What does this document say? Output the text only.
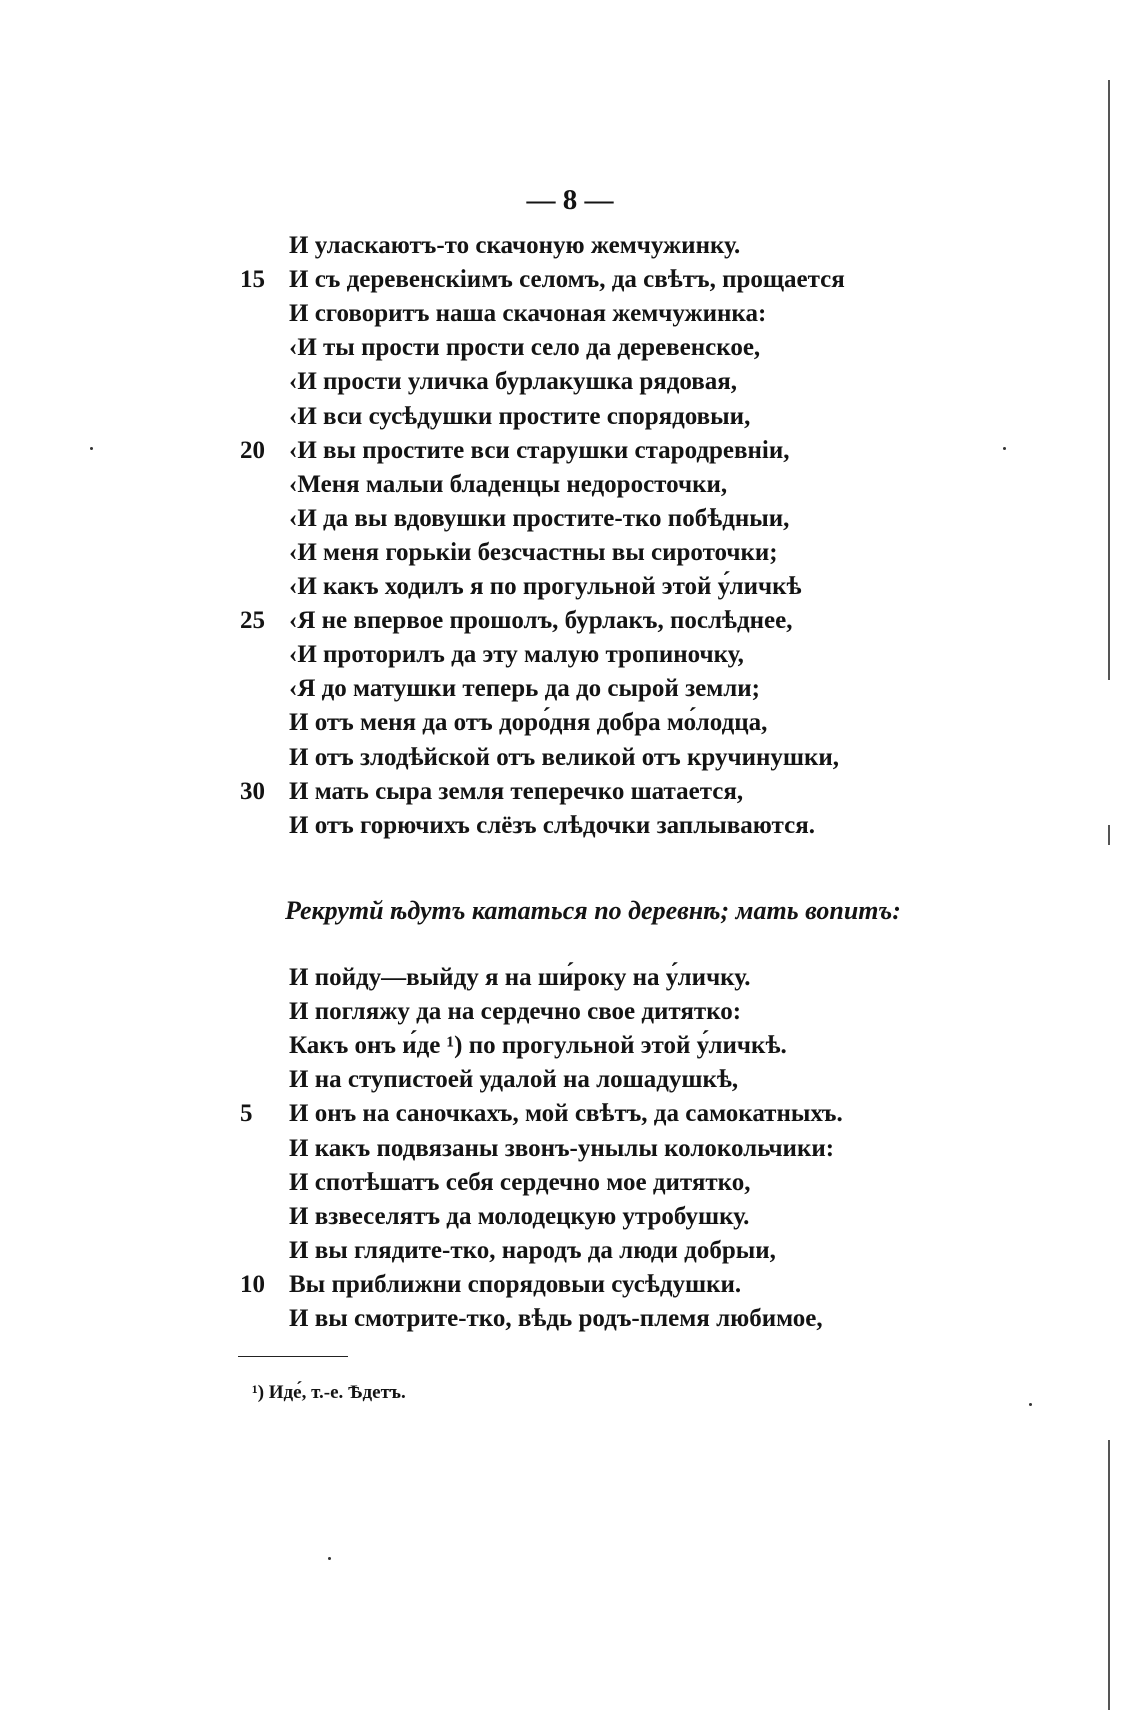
— 8 —
И уласкаютъ-то скачоную жемчужинку.
15 И съ деревенскіимъ селомъ, да свѣтъ, прощается
И сговоритъ наша скачоная жемчужинка:
‹И ты прости прости село да деревенское,
‹И прости уличка бурлакушка рядовая,
‹И вси сусѣдушки простите спорядовыи,
20 ‹И вы простите вси старушки стародревніи,
‹Меня малыи бладенцы недоросточки,
‹И да вы вдовушки простите-тко побѣдныи,
‹И меня горькіи безсчастны вы сироточки;
‹И какъ ходилъ я по прогульной этой у́личкѣ
25 ‹Я не впервое прошолъ, бурлакъ, послѣднее,
‹И проторилъ да эту малую тропиночку,
‹Я до матушки теперь да до сырой земли;
И отъ меня да отъ доро́дня добра мо́лодца,
И отъ злодѣйской отъ великой отъ кручинушки,
30 И мать сыра земля теперечко шатается,
И отъ горючихъ слёзъ слѣдочки заплываются.
Рекрутй ѣдутъ кататься по деревнѣ; мать вопитъ:
И пойду—выйду я на ши́року на у́личку.
И погляжу да на сердечно свое дитятко:
Какъ онъ и́де ¹) по прогульной этой у́личкѣ.
И на ступистоей удалой на лошадушкѣ,
5	И онъ на саночкахъ, мой свѣтъ, да самокатныхъ.
И какъ подвязаны звонъ-унылы колокольчики:
И спотѣшатъ себя сердечно мое дитятко,
И взвеселятъ да молодецкую утробушку.
И вы глядите-тко, народъ да люди добрыи,
10 Вы приближни спорядовыи сусѣдушки.
И вы смотрите-тко, вѣдь родъ-племя любимое,
¹) Иде́, т.-е. Ѣдетъ.
